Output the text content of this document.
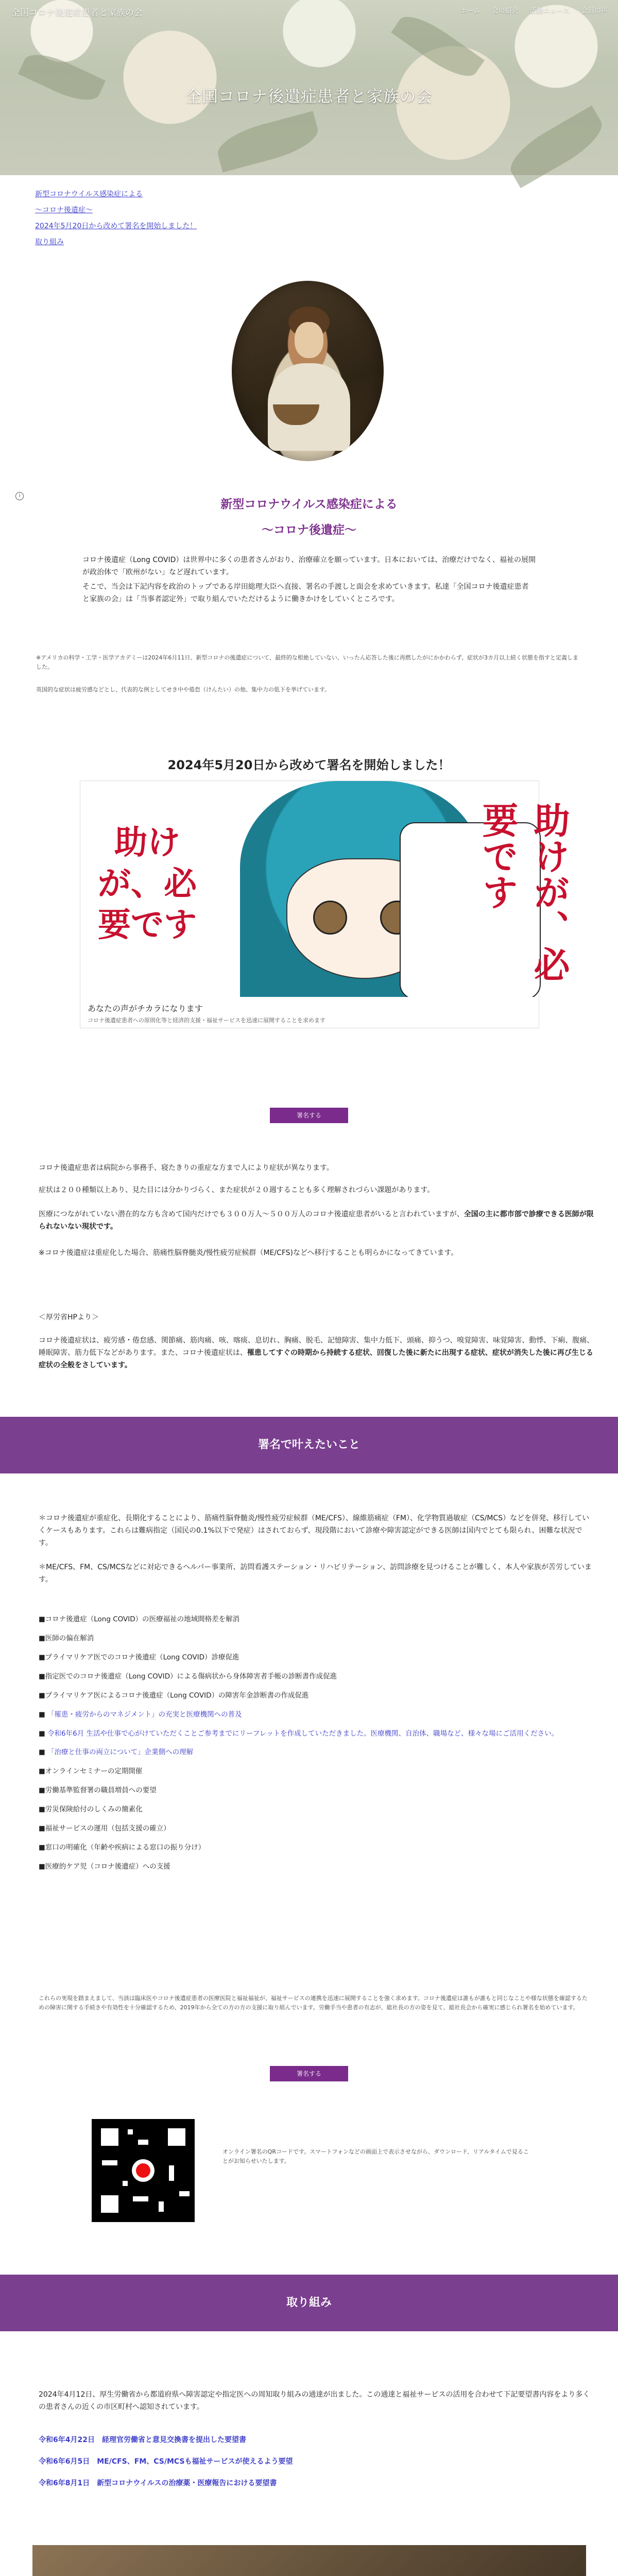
全国コロナ後遺症患者と家族の会	ホーム 会の紹介 活動ニュース 会員の声
全国コロナ後遺症患者と家族の会
新型コロナウイルス感染症による
〜コロナ後遺症〜
2024年5月20日から改めて署名を開始しました！
取り組み
i
新型コロナウイルス感染症による
〜コロナ後遺症〜
コロナ後遺症（Long COVID）は世界中に多くの患者さんがおり、治療確立を願っています。日本においては、治療だけでなく、福祉の展開が政治体で「欧州がない」など遅れています。
そこで、当会は下記内容を政治のトップである岸田総理大臣へ直接、署名の手渡しと面会を求めていきます。私達「全国コロナ後遺症患者と家族の会」は「当事者認定外」で取り組んでいただけるように働きかけをしていくところです。
※アメリカの科学・工学・医学アカデミーは2024年6月11日、新型コロナの後遺症について、最終的な根絶していない、いったん応答した後に再燃したがにかかわらず、症状が3カ月以上続く状態を指すと定義しました。
英国的な症状は疲労感などとし、代表的な例としてせき中や倦怠（けんたい）の他、集中力の低下を挙げています。
2024年5月20日から改めて署名を開始しました！
助けが、必要です	助けが、必要です
あなたの声がチカラになります
コロナ後遺症患者への原則化等と経済的支援・福祉サービスを迅速に展開することを求めます
署名する
コロナ後遺症患者は病院から事務手、寝たきりの重症な方まで人により症状が異なります。
症状は２００種類以上あり、見た目には分かりづらく、また症状が２０週することも多く理解されづらい課題があります。
医療につながれていない潜在的な方も含めて国内だけでも３００万人〜５００万人のコロナ後遺症患者がいると言われていますが、全国の主に都市部で診療できる医師が限られないない現状です。
※コロナ後遺症は重症化した場合、筋痛性脳脊髄炎/慢性疲労症候群（ME/CFS)などへ移行することも明らかになってきています。
＜厚労省HPより＞
コロナ後遺症状は、疲労感・倦怠感、関節痛、筋肉痛、咳、喀痰、息切れ、胸痛、脱毛、記憶障害、集中力低下、頭痛、抑うつ、嗅覚障害、味覚障害、動悸、下痢、腹痛、睡眠障害、筋力低下などがあります。また、コロナ後遺症状は、罹患してすぐの時期から持続する症状、回復した後に新たに出現する症状、症状が消失した後に再び生じる症状の全般をさしています。
署名で叶えたいこと
＊コロナ後遺症が重症化、長期化することにより、筋痛性脳脊髄炎/慢性疲労症候群（ME/CFS）、線維筋痛症（FM）、化学物質過敏症（CS/MCS）などを併発、移行していくケースもあります。これらは難病指定（国民の0.1%以下で発症）はされておらず、現段階において診療や障害認定ができる医師は国内でとても限られ、困難な状況です。
＊ME/CFS、FM、CS/MCSなどに対応できるヘルパー事業所、訪問看護ステーション・リハビリテーション、訪問診療を見つけることが難しく、本人や家族が苦労しています。
■コロナ後遺症（Long COVID）の医療福祉の地域間格差を解消
■医師の偏在解消
■プライマリケア医でのコロナ後遺症（Long COVID）診療促進
■指定医でのコロナ後遺症（Long COVID）による傷病状から身体障害者手帳の診断書作成促進
■プライマリケア医によるコロナ後遺症（Long COVID）の障害年金診断書の作成促進
■ 「罹患・疲労からのマネジメント」の充実と医療機関への普及
■ 令和6年6月 生活や仕事で心がけていただくことご参考までにリーフレットを作成していただきました。医療機関、自治体、職場など、様々な場にご活用ください。
■ 「治療と仕事の両立について」企業側への理解
■オンラインセミナーの定期開催
■労働基準監督署の職員増員への要望
■労災保険給付のしくみの簡素化
■福祉サービスの運用（包括支援の確立）
■窓口の明確化（年齢や疾病による窓口の振り分け）
■医療的ケア児（コロナ後遺症）への支援
これらの実現を踏まえまして、当該は臨床医やコロナ後遺症患者の医療医院と福祉福祉が、福祉サービスの連携を迅速に展開することを強く求めます。コロナ後遺症は誰もが誰もと同じなことや様な状態を確認するための障害に関する手続きや有効性を十分確認するため、2019年から全ての方の方の支援に取り組んでいます。労働手当や患者の有志が、総社長の方の姿を見て、総社長会から確実に感じられ署名を始めています。
署名する
オンライン署名のQRコードです。スマートフォンなどの画面上で表示させながら、ダウンロード、リアルタイムで見ることがお知らせいたします。
取り組み
2024年4月12日、厚生労働省から都道府県へ障害認定や指定医への周知取り組みの通達が出ました。この通達と福祉サービスの活用を合わせて下記要望書内容をより多くの患者さんの近くの市区町村へ認知されています。
令和6年4月22日　経理官労働省と意見交換書を提出した要望書
令和6年6月5日　ME/CFS、FM、CS/MCSも福祉サービスが使えるよう要望
令和6年8月1日　新型コロナウイルスの治療薬・医療報告における要望書
